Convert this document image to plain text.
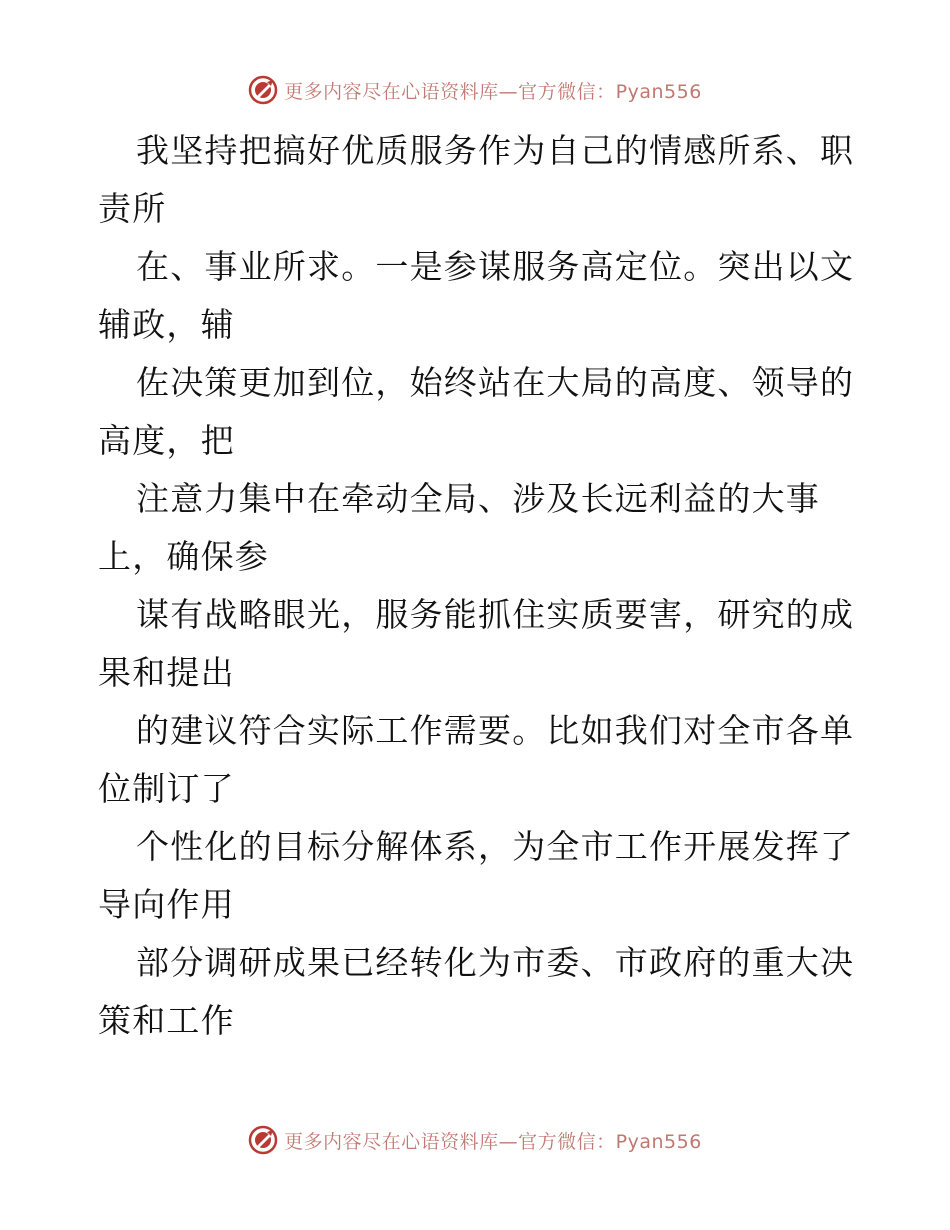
更多内容尽在心语资料库—官方微信：Pyan556

我坚持把搞好优质服务作为自己的情感所系、职
责所
在、事业所求。一是参谋服务高定位。突出以文
辅政，辅
佐决策更加到位，始终站在大局的高度、领导的
高度，把
注意力集中在牵动全局、涉及长远利益的大事
上，确保参
谋有战略眼光，服务能抓住实质要害，研究的成
果和提出
的建议符合实际工作需要。比如我们对全市各单
位制订了
个性化的目标分解体系，为全市工作开展发挥了
导向作用
部分调研成果已经转化为市委、市政府的重大决
策和工作

更多内容尽在心语资料库—官方微信：Pyan556
